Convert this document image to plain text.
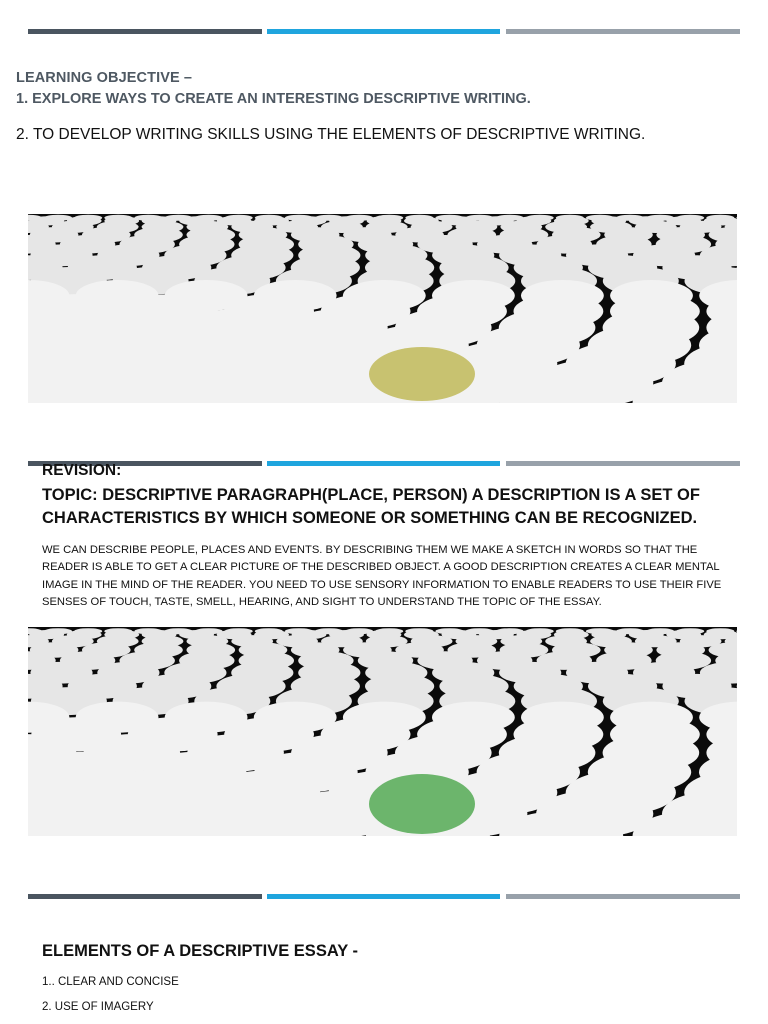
LEARNING OBJECTIVE –
1. EXPLORE WAYS TO CREATE AN INTERESTING DESCRIPTIVE WRITING.
2. TO DEVELOP WRITING SKILLS USING THE ELEMENTS OF DESCRIPTIVE WRITING.
REVISION:
TOPIC: DESCRIPTIVE PARAGRAPH(PLACE, PERSON) A DESCRIPTION IS A SET OF CHARACTERISTICS BY WHICH SOMEONE OR SOMETHING CAN BE RECOGNIZED.
WE CAN DESCRIBE PEOPLE, PLACES AND EVENTS. BY DESCRIBING THEM WE MAKE A SKETCH IN WORDS SO THAT THE READER IS ABLE TO GET A CLEAR PICTURE OF THE DESCRIBED OBJECT. A GOOD DESCRIPTION CREATES A CLEAR MENTAL IMAGE IN THE MIND OF THE READER. YOU NEED TO USE SENSORY INFORMATION TO ENABLE READERS TO USE THEIR FIVE SENSES OF TOUCH, TASTE, SMELL, HEARING, AND SIGHT TO UNDERSTAND THE TOPIC OF THE ESSAY.
ELEMENTS OF A DESCRIPTIVE ESSAY -
1.. CLEAR AND CONCISE
2. USE OF IMAGERY
